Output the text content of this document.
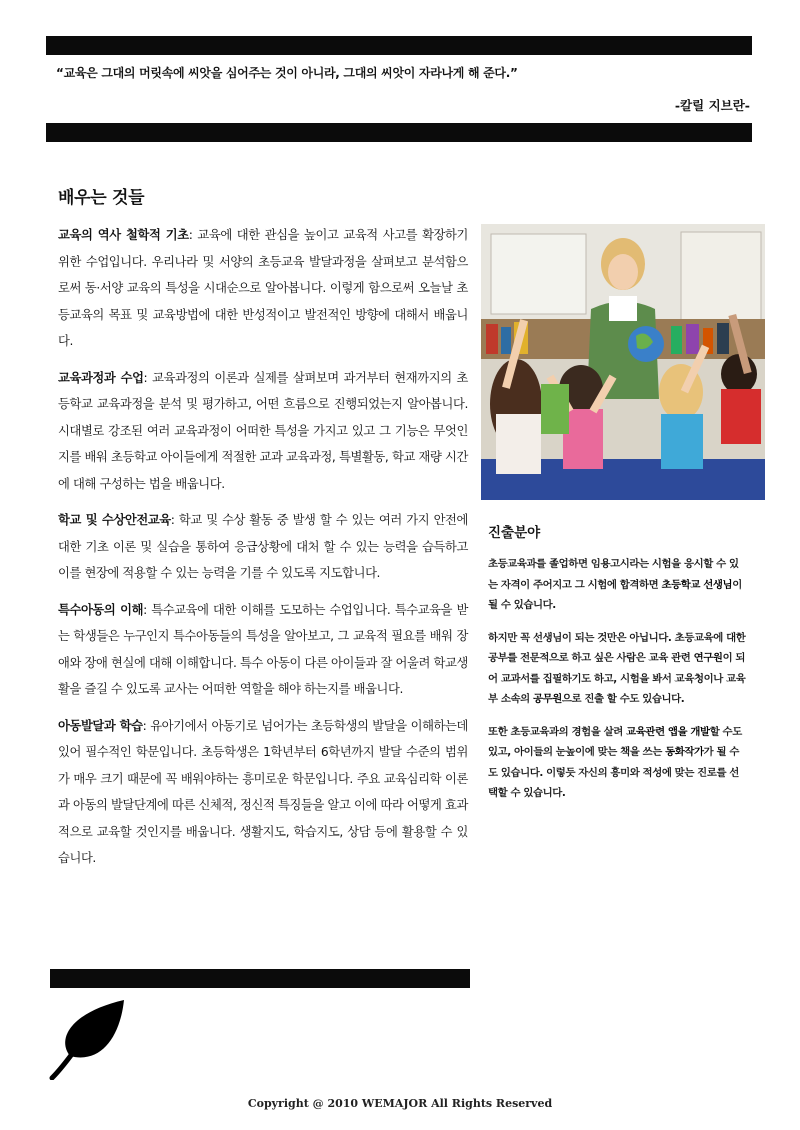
“교육은 그대의 머릿속에 씨앗을 심어주는 것이 아니라, 그대의 씨앗이 자라나게 해 준다.”
-칼릴 지브란-
배우는 것들

교육의 역사 철학적 기초: 교육에 대한 관심을 높이고 교육적 사고를 확장하기 위한 수업입니다. 우리나라 및 서양의 초등교육 발달과정을 살펴보고 분석함으로써 동·서양 교육의 특성을 시대순으로 알아봅니다. 이렇게 함으로써 오늘날 초등교육의 목표 및 교육방법에 대한 반성적이고 발전적인 방향에 대해서 배웁니다.

교육과정과 수업: 교육과정의 이론과 실제를 살펴보며 과거부터 현재까지의 초등학교 교육과정을 분석 및 평가하고, 어떤 흐름으로 진행되었는지 알아봅니다. 시대별로 강조된 여러 교육과정이 어떠한 특성을 가지고 있고 그 기능은 무엇인지를 배워 초등학교 아이들에게 적절한 교과 교육과정, 특별활동, 학교 재량 시간에 대해 구성하는 법을 배웁니다.

학교 및 수상안전교육: 학교 및 수상 활동 중 발생 할 수 있는 여러 가지 안전에 대한 기초 이론 및 실습을 통하여 응급상황에 대처 할 수 있는 능력을 습득하고 이를 현장에 적용할 수 있는 능력을 기를 수 있도록 지도합니다.

특수아동의 이해: 특수교육에 대한 이해를 도모하는 수업입니다. 특수교육을 받는 학생들은 누구인지 특수아동들의 특성을 알아보고, 그 교육적 필요를 배워 장애와 장애 현실에 대해 이해합니다. 특수 아동이 다른 아이들과 잘 어울려 학교생활을 즐길 수 있도록 교사는 어떠한 역할을 해야 하는지를 배웁니다.

아동발달과 학습: 유아기에서 아동기로 넘어가는 초등학생의 발달을 이해하는데 있어 필수적인 학문입니다. 초등학생은 1학년부터 6학년까지 발달 수준의 범위가 매우 크기 때문에 꼭 배워야하는 흥미로운 학문입니다. 주요 교육심리학 이론과 아동의 발달단계에 따른 신체적, 정신적 특징들을 알고 이에 따라 어떻게 효과적으로 교육할 것인지를 배웁니다. 생활지도, 학습지도, 상담 등에 활용할 수 있습니다.

진출분야

초등교육과를 졸업하면 임용고시라는 시험을 응시할 수 있는 자격이 주어지고 그 시험에 합격하면 초등학교 선생님이 될 수 있습니다.

하지만 꼭 선생님이 되는 것만은 아닙니다. 초등교육에 대한 공부를 전문적으로 하고 싶은 사람은 교육 관련 연구원이 되어 교과서를 집필하기도 하고, 시험을 봐서 교육청이나 교육부 소속의 공무원으로 진출 할 수도 있습니다.

또한 초등교육과의 경험을 살려 교육관련 앱을 개발할 수도 있고, 아이들의 눈높이에 맞는 책을 쓰는 동화작가가 될 수도 있습니다. 이렇듯 자신의 흥미와 적성에 맞는 진로를 선택할 수 있습니다.

Copyright @ 2010 WEMAJOR All Rights Reserved
